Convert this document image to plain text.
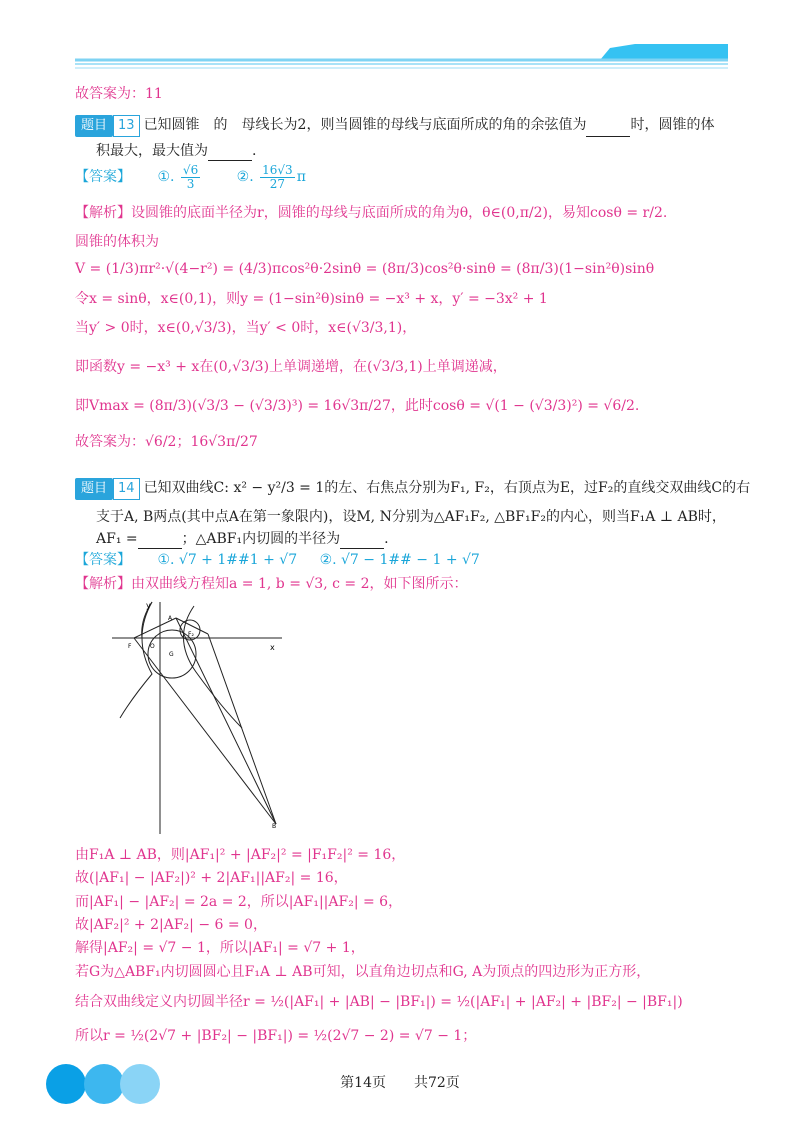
故答案为：11
题目 13 已知圆锥　的　母线长为2，则当圆锥的母线与底面所成的角的余弦值为	时，圆锥的体
积最大，最大值为	.
【答案】 ①. $\frac{√6}{3}$	②. $\frac{16√3}{27}$ π
【解析】设圆锥的底面半径为r，圆锥的母线与底面所成的角为θ，θ∈(0,π/2)，易知cosθ = r/2.
圆锥的体积为
V = (1/3)πr²·√(4−r²) = (4/3)πcos²θ·2sinθ = (8π/3)cos²θ·sinθ = (8π/3)(1−sin²θ)sinθ
令x = sinθ，x∈(0,1)，则y = (1−sin²θ)sinθ = −x³ + x，y′ = −3x² + 1
当y′ > 0时，x∈(0,√3/3)，当y′ < 0时，x∈(√3/3,1)，
即函数y = −x³ + x在(0,√3/3)上单调递增，在(√3/3,1)上单调递减，
即Vmax = (8π/3)(√3/3 − (√3/3)³) = 16√3π/27，此时cosθ = √(1 − (√3/3)²) = √6/2.
故答案为：√6/2；16√3π/27
题目 14 已知双曲线C: x² − y²/3 = 1的左、右焦点分别为F₁, F₂，右顶点为E，过F₂的直线交双曲线C的右
支于A, B两点(其中点A在第一象限内)，设M, N分别为△AF₁F₂, △BF₁F₂的内心，则当F₁A ⊥ AB时，
AF₁ =	；△ABF₁内切圆的半径为	.
【答案】 ①. √7 + 1##1 + √7 ②. √7 − 1## − 1 + √7
【解析】由双曲线方程知a = 1, b = √3, c = 2，如下图所示：
y
x
A
F₂
F	O
G
B
由F₁A ⊥ AB，则|AF₁|² + |AF₂|² = |F₁F₂|² = 16，
故(|AF₁| − |AF₂|)² + 2|AF₁||AF₂| = 16，
而|AF₁| − |AF₂| = 2a = 2，所以|AF₁||AF₂| = 6，
故|AF₂|² + 2|AF₂| − 6 = 0，
解得|AF₂| = √7 − 1，所以|AF₁| = √7 + 1，
若G为△ABF₁内切圆圆心且F₁A ⊥ AB可知，以直角边切点和G, A为顶点的四边形为正方形，
结合双曲线定义内切圆半径r = ½(|AF₁| + |AB| − |BF₁|) = ½(|AF₁| + |AF₂| + |BF₂| − |BF₁|)
所以r = ½(2√7 + |BF₂| − |BF₁|) = ½(2√7 − 2) = √7 − 1；
第14页　　共72页
